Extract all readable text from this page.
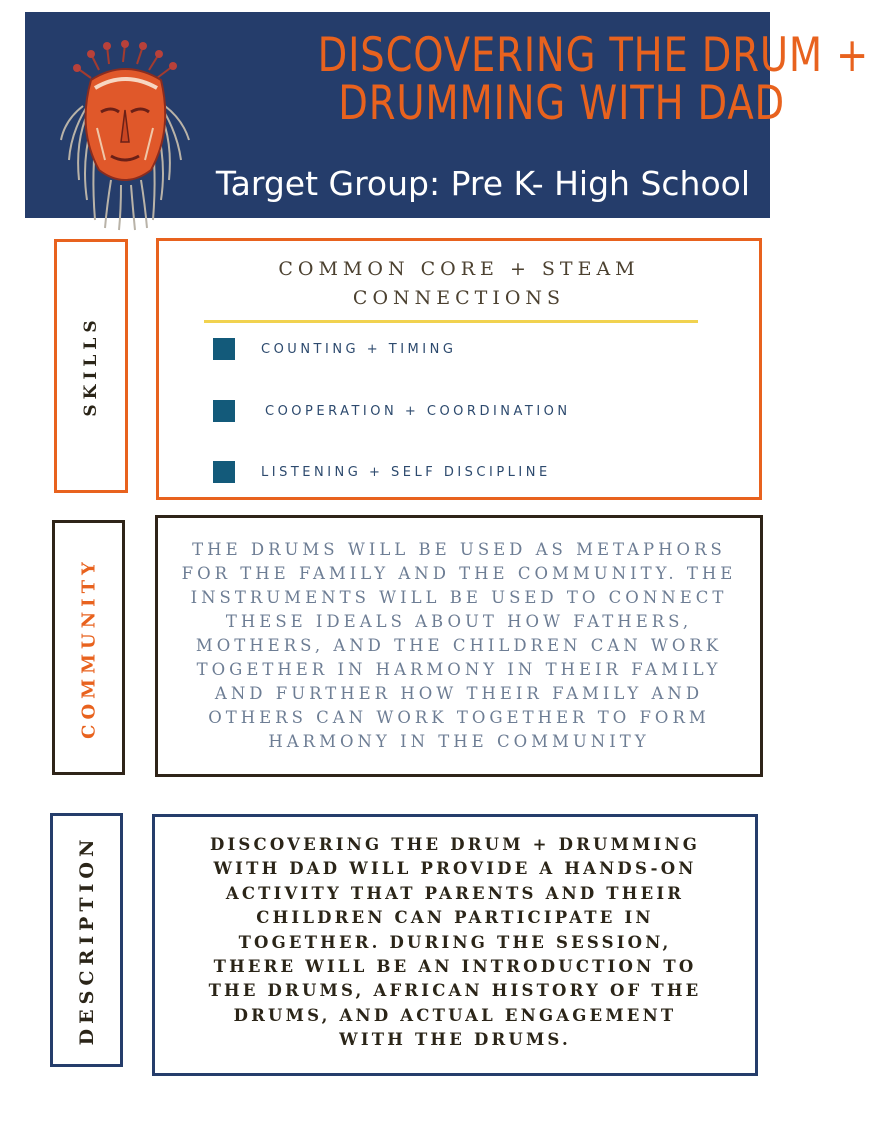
DISCOVERING THE DRUM +
DRUMMING WITH DAD
Target Group: Pre K- High School
SKILLS
COMMON CORE + STEAM
CONNECTIONS
COUNTING + TIMING
COOPERATION + COORDINATION
LISTENING + SELF DISCIPLINE
COMMUNITY
THE DRUMS WILL BE USED AS METAPHORS
FOR THE FAMILY AND THE COMMUNITY. THE
INSTRUMENTS WILL BE USED TO CONNECT
THESE IDEALS ABOUT HOW FATHERS,
MOTHERS, AND THE CHILDREN CAN WORK
TOGETHER IN HARMONY IN THEIR FAMILY
AND FURTHER HOW THEIR FAMILY AND
OTHERS CAN WORK TOGETHER TO FORM
HARMONY IN THE COMMUNITY
DESCRIPTION	DISCOVERING THE DRUM + DRUMMING
WITH DAD WILL PROVIDE A HANDS-ON
ACTIVITY THAT PARENTS AND THEIR
CHILDREN CAN PARTICIPATE IN
TOGETHER. DURING THE SESSION,
THERE WILL BE AN INTRODUCTION TO
THE DRUMS, AFRICAN HISTORY OF THE
DRUMS, AND ACTUAL ENGAGEMENT
WITH THE DRUMS.
